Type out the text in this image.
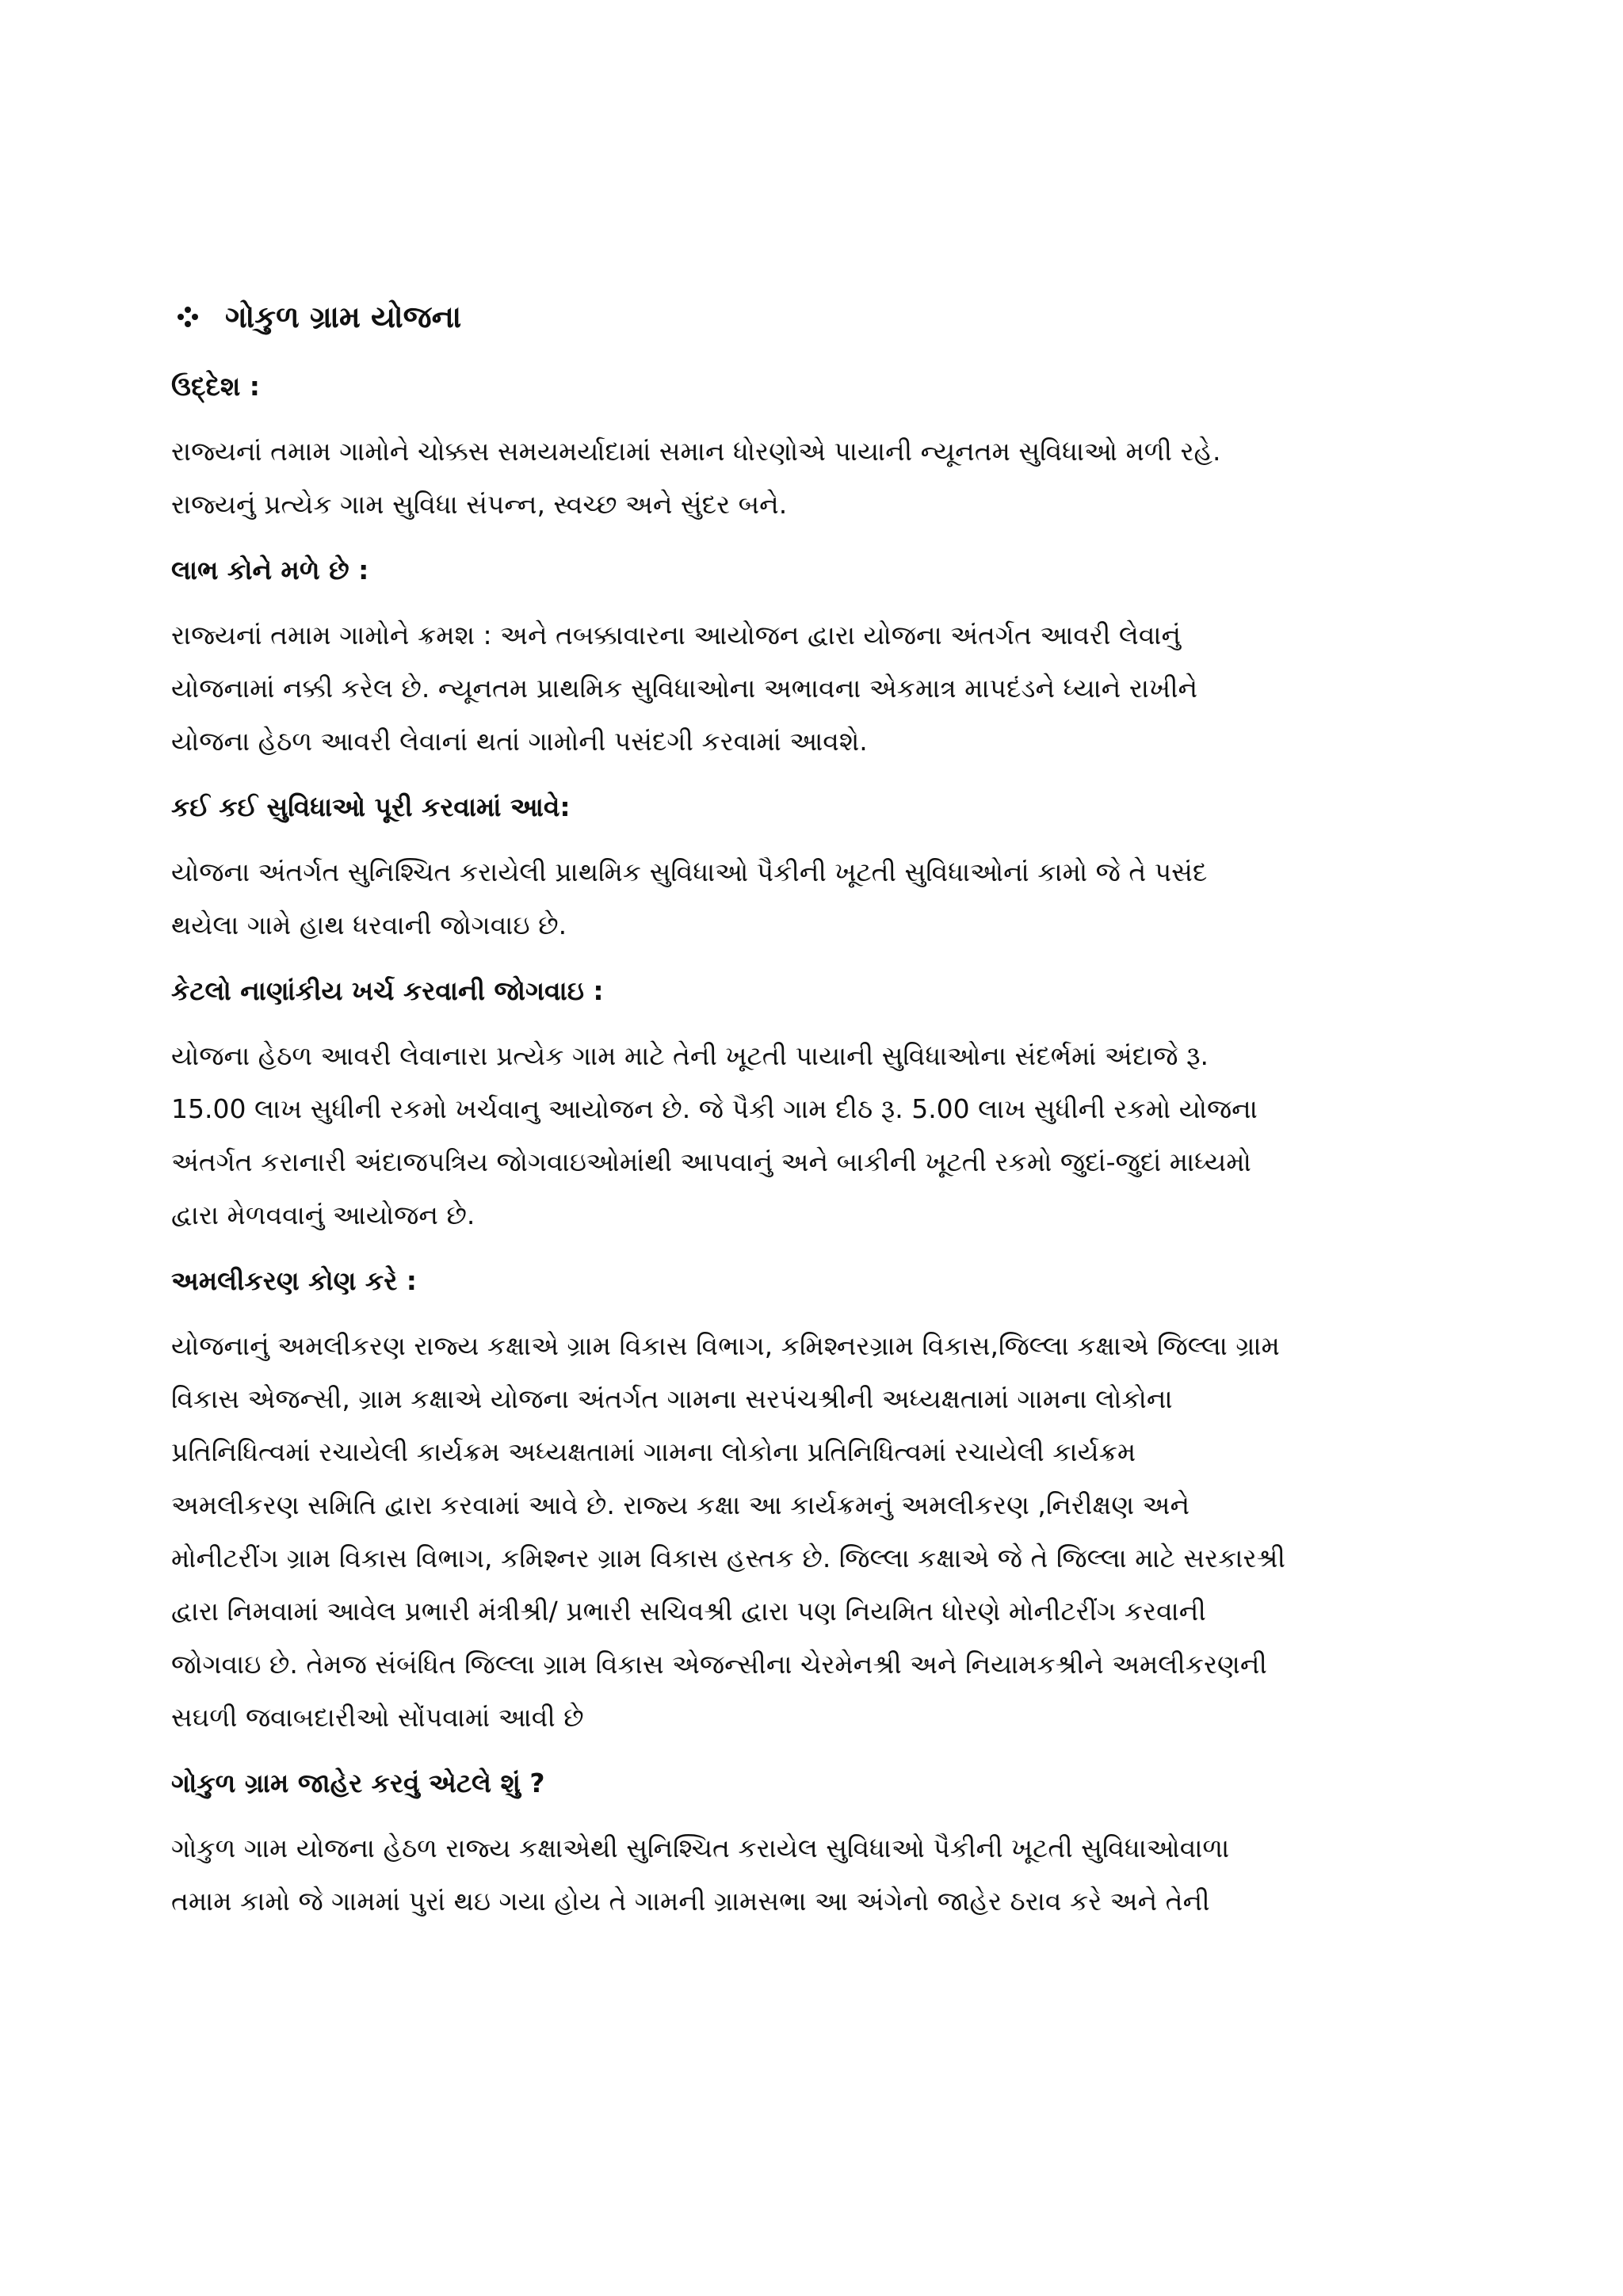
ગોકુળ ગ્રામ યોજના
ઉદ્દેશ :
રાજ્યનાં તમામ ગામોને ચોક્કસ સમયમર્યાદામાં સમાન ધોરણોએ પાયાની ન્યૂનતમ સુવિધાઓ મળી રહે.
રાજ્યનું પ્રત્યેક ગામ સુવિધા સંપન્ન, સ્વચ્છ અને સુંદર બને.
લાભ કોને મળે છે :
રાજ્યનાં તમામ ગામોને ક્રમશ : અને તબક્કાવારના આયોજન દ્વારા યોજના અંતર્ગત આવરી લેવાનું
યોજનામાં નક્કી કરેલ છે. ન્યૂનતમ પ્રાથમિક સુવિધાઓના અભાવના એકમાત્ર માપદંડને ધ્યાને રાખીને
યોજના હેઠળ આવરી લેવાનાં થતાં ગામોની પસંદગી કરવામાં આવશે.
કઈ કઈ સુવિધાઓ પૂરી કરવામાં આવે:
યોજના અંતર્ગત સુનિશ્ચિત કરાયેલી પ્રાથમિક સુવિધાઓ પૈકીની ખૂટતી સુવિધાઓનાં કામો જે તે પસંદ
થયેલા ગામે હાથ ધરવાની જોગવાઇ છે.
કેટલો નાણાંકીય ખર્ચ કરવાની જોગવાઇ :
યોજના હેઠળ આવરી લેવાનારા પ્રત્યેક ગામ માટે તેની ખૂટતી પાયાની સુવિધાઓના સંદર્ભમાં અંદાજે રૂ.
15.00 લાખ સુધીની રકમો ખર્ચવાનુ આયોજન છે. જે પૈકી ગામ દીઠ રૂ. 5.00 લાખ સુધીની રકમો યોજના
અંતર્ગત કરાનારી અંદાજપત્રિય જોગવાઇઓમાંથી આપવાનું અને બાકીની ખૂટતી રકમો જુદાં-જુદાં માધ્યમો
દ્વારા મેળવવાનું આયોજન છે.
અમલીકરણ કોણ કરે :
યોજનાનું અમલીકરણ રાજ્ય કક્ષાએ ગ્રામ વિકાસ વિભાગ, કમિશ્નરગ્રામ વિકાસ,જિલ્લા કક્ષાએ જિલ્લા ગ્રામ
વિકાસ એજન્સી, ગ્રામ કક્ષાએ યોજના અંતર્ગત ગામના સરપંચશ્રીની અધ્યક્ષતામાં ગામના લોકોના
પ્રતિનિધિત્વમાં રચાયેલી કાર્યક્રમ અધ્યક્ષતામાં ગામના લોકોના પ્રતિનિધિત્વમાં રચાયેલી કાર્યક્રમ
અમલીકરણ સમિતિ દ્વારા કરવામાં આવે છે. રાજ્ય કક્ષા આ કાર્યક્રમનું અમલીકરણ ,નિરીક્ષણ અને
મોનીટરીંગ ગ્રામ વિકાસ વિભાગ, કમિશ્નર ગ્રામ વિકાસ હસ્તક છે. જિલ્લા કક્ષાએ જે તે જિલ્લા માટે સરકારશ્રી
દ્વારા નિમવામાં આવેલ પ્રભારી મંત્રીશ્રી/ પ્રભારી સચિવશ્રી દ્વારા પણ નિયમિત ધોરણે મોનીટરીંગ કરવાની
જોગવાઇ છે. તેમજ સંબંધિત જિલ્લા ગ્રામ વિકાસ એજન્સીના ચેરમેનશ્રી અને નિયામકશ્રીને અમલીકરણની
સઘળી જવાબદારીઓ સોંપવામાં આવી છે
ગોકુળ ગ્રામ જાહેર કરવું એટલે શું ?
ગોકુળ ગામ યોજના હેઠળ રાજ્ય કક્ષાએથી સુનિશ્ચિત કરાયેલ સુવિધાઓ પૈકીની ખૂટતી સુવિધાઓવાળા
તમામ કામો જે ગામમાં પુરાં થઇ ગયા હોય તે ગામની ગ્રામસભા આ અંગેનો જાહેર ઠરાવ કરે અને તેની
